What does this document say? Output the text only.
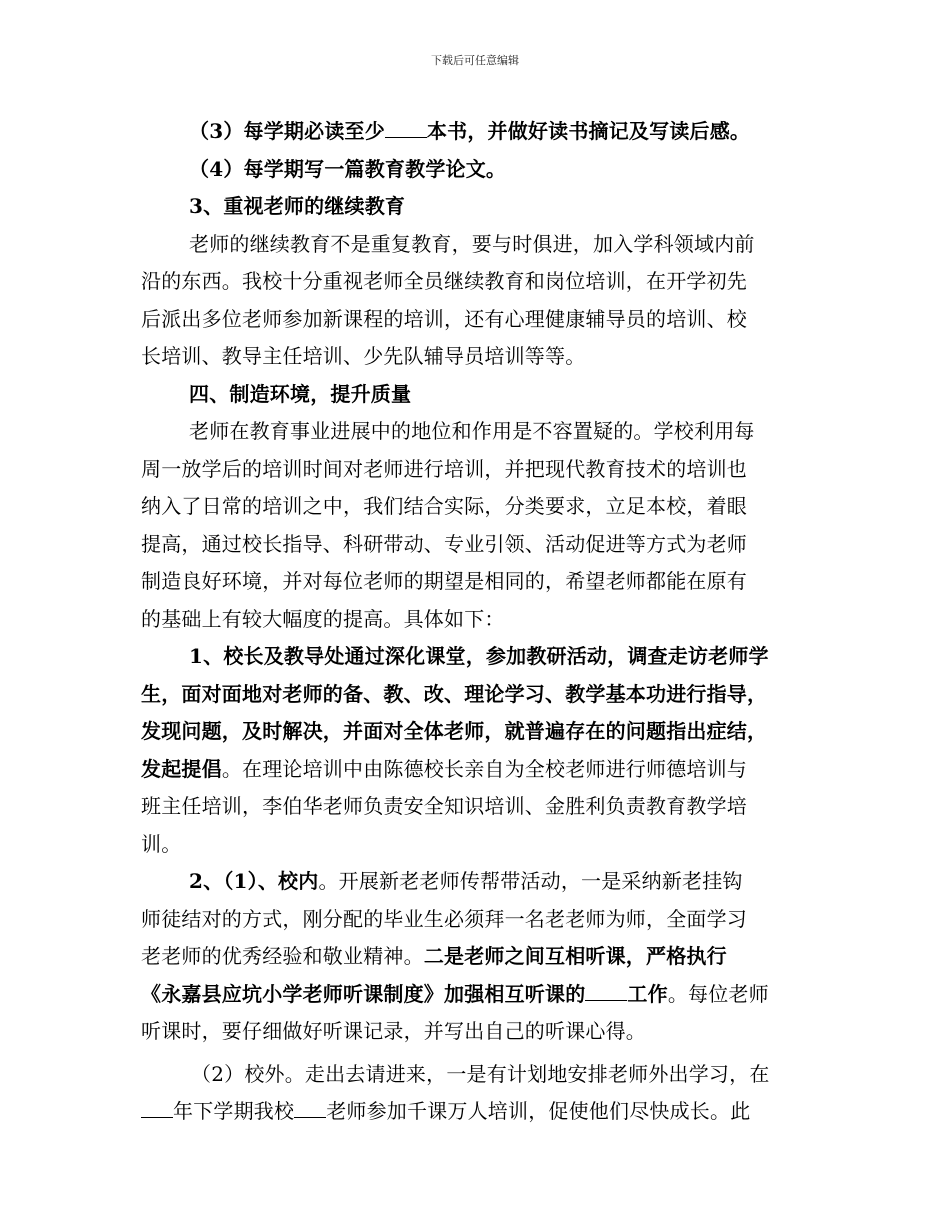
下载后可任意编辑
（3）每学期必读至少 本书，并做好读书摘记及写读后感。
（4）每学期写一篇教育教学论文。
3、重视老师的继续教育
老师的继续教育不是重复教育，要与时俱进，加入学科领域内前
沿的东西。我校十分重视老师全员继续教育和岗位培训，在开学初先
后派出多位老师参加新课程的培训，还有心理健康辅导员的培训、校
长培训、教导主任培训、少先队辅导员培训等等。
四、制造环境，提升质量
老师在教育事业进展中的地位和作用是不容置疑的。学校利用每
周一放学后的培训时间对老师进行培训，并把现代教育技术的培训也
纳入了日常的培训之中，我们结合实际，分类要求，立足本校，着眼
提高，通过校长指导、科研带动、专业引领、活动促进等方式为老师
制造良好环境，并对每位老师的期望是相同的，希望老师都能在原有
的基础上有较大幅度的提高。具体如下：
1、校长及教导处通过深化课堂，参加教研活动，调查走访老师学
生，面对面地对老师的备、教、改、理论学习、教学基本功进行指导，
发现问题，及时解决，并面对全体老师，就普遍存在的问题指出症结，
发起提倡。在理论培训中由陈德校长亲自为全校老师进行师德培训与
班主任培训，李伯华老师负责安全知识培训、金胜利负责教育教学培
训。
2、（1）、校内。开展新老老师传帮带活动，一是采纳新老挂钩
师徒结对的方式，刚分配的毕业生必须拜一名老老师为师，全面学习
老老师的优秀经验和敬业精神。二是老师之间互相听课，严格执行
《永嘉县应坑小学老师听课制度》加强相互听课的 工作。每位老师
听课时，要仔细做好听课记录，并写出自己的听课心得。
（2）校外。走出去请进来，一是有计划地安排老师外出学习，在
年下学期我校 老师参加千课万人培训，促使他们尽快成长。此
